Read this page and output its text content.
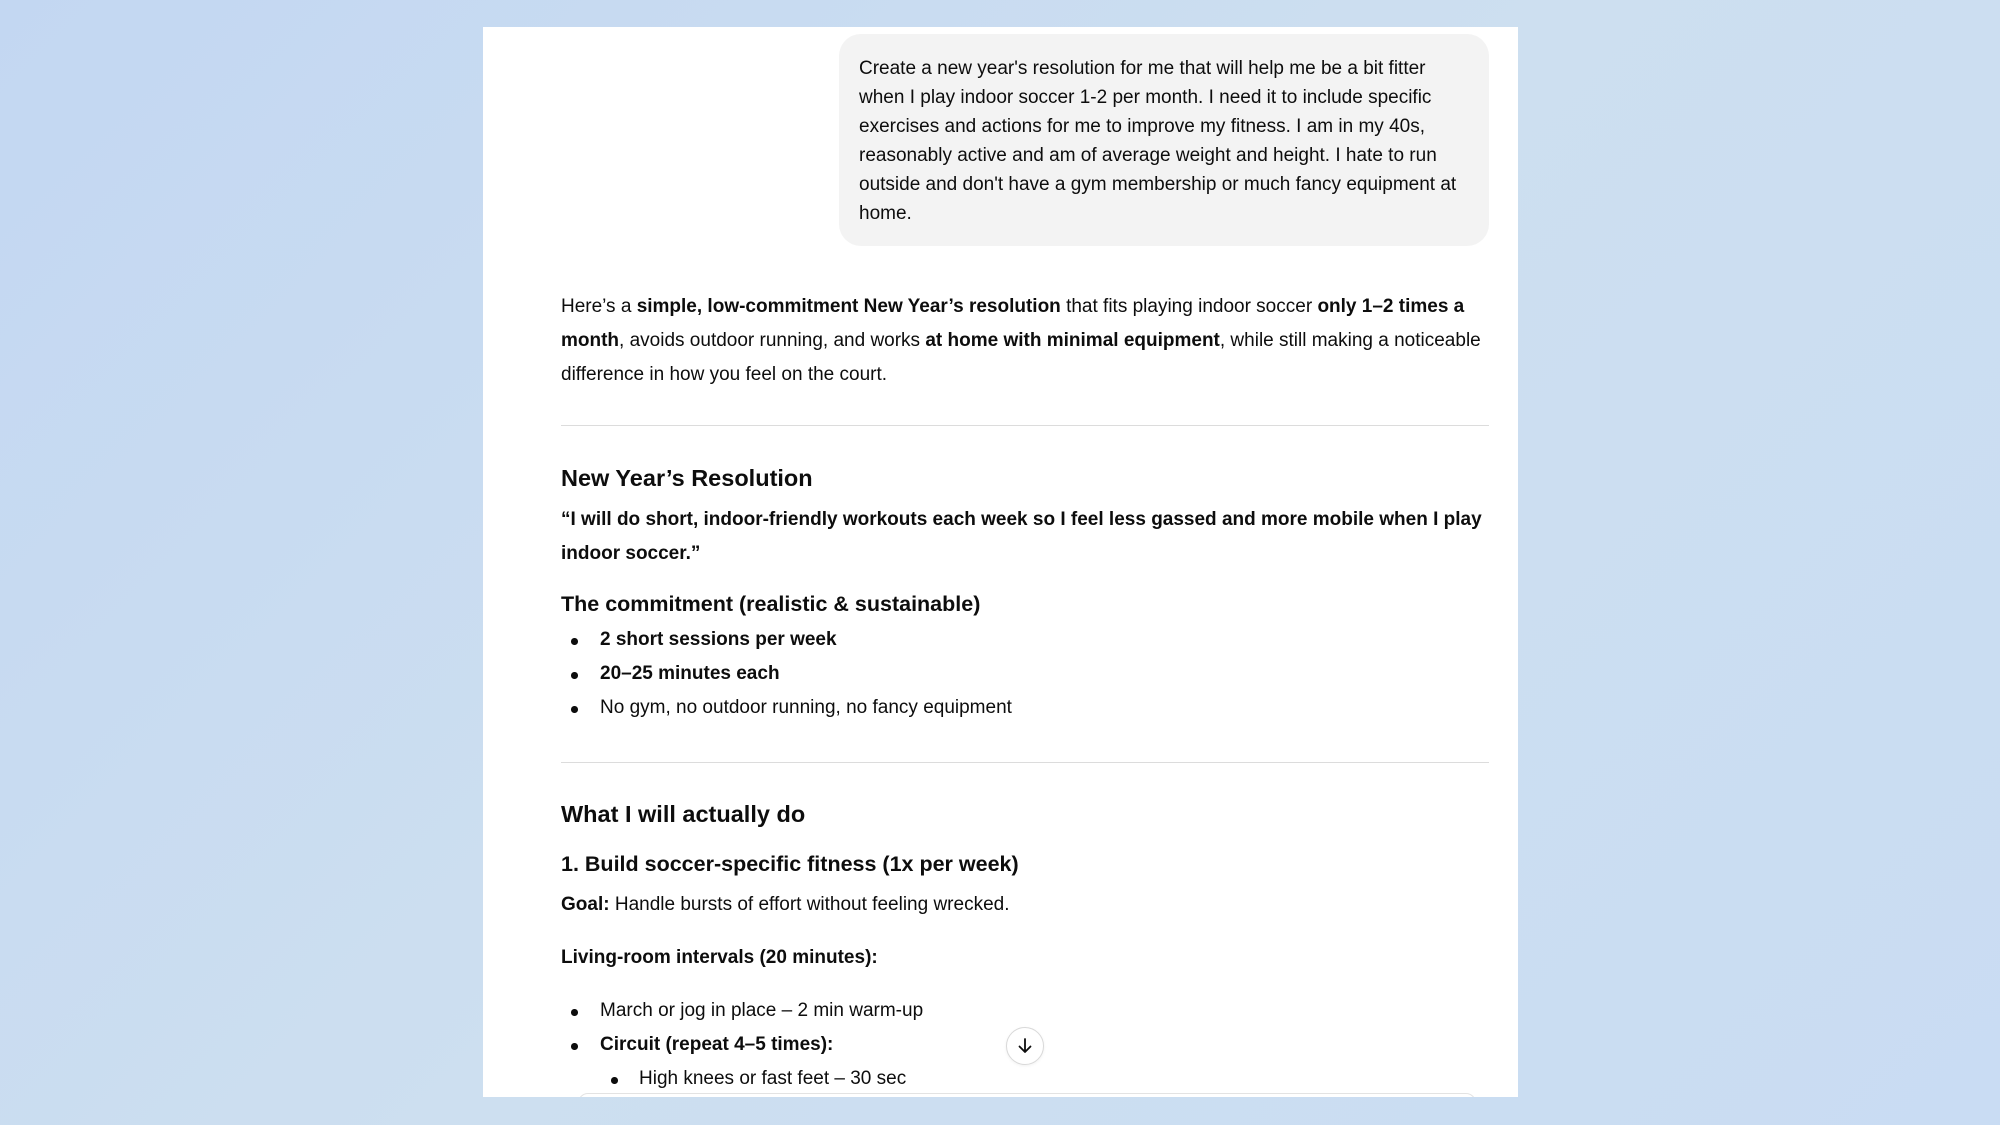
Create a new year's resolution for me that will help me be a bit fitter when I play indoor soccer 1-2 per month. I need it to include specific exercises and actions for me to improve my fitness. I am in my 40s, reasonably active and am of average weight and height. I hate to run outside and don't have a gym membership or much fancy equipment at home.

Here’s a simple, low-commitment New Year’s resolution that fits playing indoor soccer only 1–2 times a month, avoids outdoor running, and works at home with minimal equipment, while still making a noticeable difference in how you feel on the court.

New Year’s Resolution

“I will do short, indoor-friendly workouts each week so I feel less gassed and more mobile when I play indoor soccer.”

The commitment (realistic & sustainable)
2 short sessions per week
20–25 minutes each
No gym, no outdoor running, no fancy equipment
What I will actually do
1. Build soccer-specific fitness (1x per week)

Goal: Handle bursts of effort without feeling wrecked.

Living-room intervals (20 minutes):

March or jog in place – 2 min warm-up
Circuit (repeat 4–5 times):
High knees or fast feet – 30 sec
